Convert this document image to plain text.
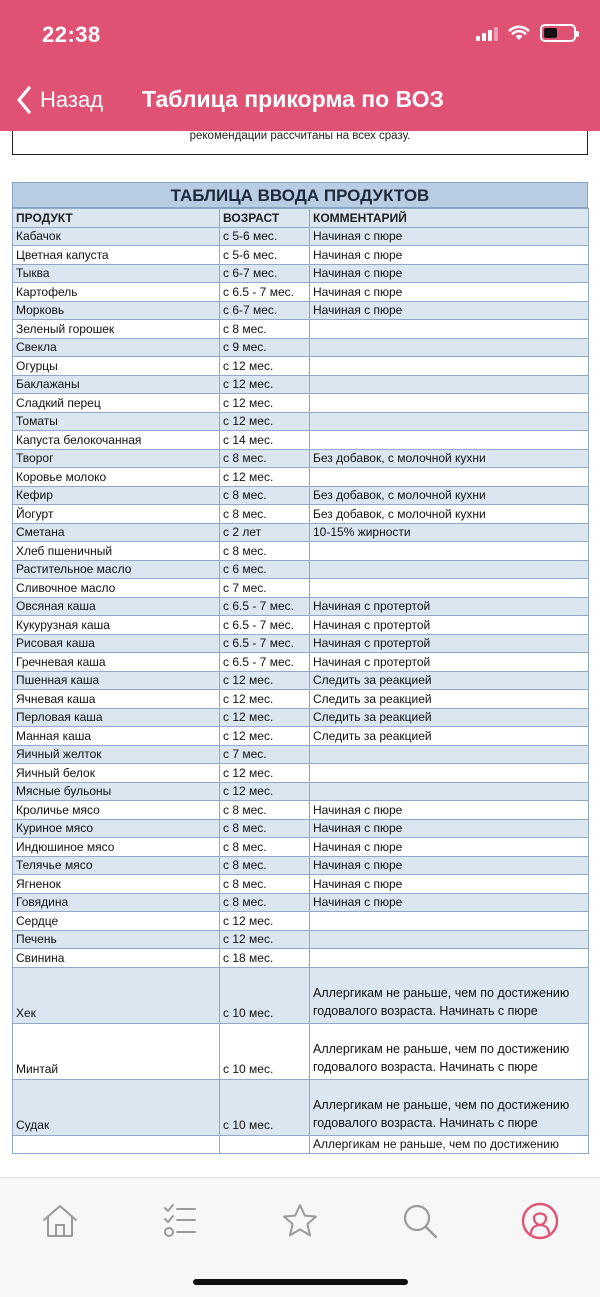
22:38
Назад Таблица прикорма по ВОЗ
рекомендации рассчитаны на всех сразу.
ТАБЛИЦА ВВОДА ПРОДУКТОВ
ПРОДУКТ	ВОЗРАСТ	КОММЕНТАРИЙ
Кабачок	с 5-6 мес.	Начиная с пюре
Цветная капуста	с 5-6 мес.	Начиная с пюре
Тыква	с 6-7 мес.	Начиная с пюре
Картофель	с 6.5 - 7 мес.	Начиная с пюре
Морковь	с 6-7 мес.	Начиная с пюре
Зеленый горошек	с 8 мес.	
Свекла	с 9 мес.	
Огурцы	с 12 мес.	
Баклажаны	с 12 мес.	
Сладкий перец	с 12 мес.	
Томаты	с 12 мес.	
Капуста белокочанная	с 14 мес.	
Творог	с 8 мес.	Без добавок, с молочной кухни
Коровье молоко	с 12 мес.	
Кефир	с 8 мес.	Без добавок, с молочной кухни
Йогурт	с 8 мес.	Без добавок, с молочной кухни
Сметана	с 2 лет	10-15% жирности
Хлеб пшеничный	с 8 мес.	
Растительное масло	с 6 мес.	
Сливочное масло	с 7 мес.	
Овсяная каша	с 6.5 - 7 мес.	Начиная с протертой
Кукурузная каша	с 6.5 - 7 мес.	Начиная с протертой
Рисовая каша	с 6.5 - 7 мес.	Начиная с протертой
Гречневая каша	с 6.5 - 7 мес.	Начиная с протертой
Пшенная каша	с 12 мес.	Следить за реакцией
Ячневая каша	с 12 мес.	Следить за реакцией
Перловая каша	с 12 мес.	Следить за реакцией
Манная каша	с 12 мес.	Следить за реакцией
Яичный желток	с 7 мес.	
Яичный белок	с 12 мес.	
Мясные бульоны	с 12 мес.	
Кроличье мясо	с 8 мес.	Начиная с пюре
Куриное мясо	с 8 мес.	Начиная с пюре
Индюшиное мясо	с 8 мес.	Начиная с пюре
Телячье мясо	с 8 мес.	Начиная с пюре
Ягненок	с 8 мес.	Начиная с пюре
Говядина	с 8 мес.	Начиная с пюре
Сердце	с 12 мес.	
Печень	с 12 мес.	
Свинина	с 18 мес.	
Хек	с 10 мес.	Аллергикам не раньше, чем по достижению годовалого возраста. Начинать с пюре
Минтай	с 10 мес.	Аллергикам не раньше, чем по достижению годовалого возраста. Начинать с пюре
Судак	с 10 мес.	Аллергикам не раньше, чем по достижению годовалого возраста. Начинать с пюре
		Аллергикам не раньше, чем по достижению
